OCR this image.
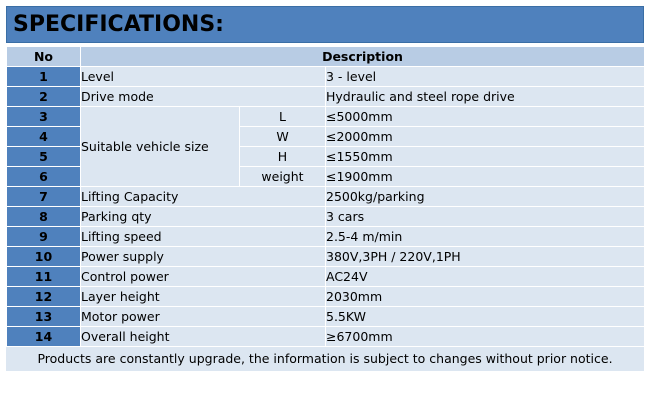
SPECIFICATIONS:
No	Description		
1	Level		3 - level
2	Drive mode		Hydraulic and steel rope drive
3	Suitable vehicle size	L	≤5000mm
4		W	≤2000mm
5		H	≤1550mm
6		weight	≤1900mm
7	Lifting Capacity		2500kg/parking
8	Parking qty		3 cars
9	Lifting speed		2.5-4 m/min
10	Power supply		380V,3PH / 220V,1PH
11	Control power		AC24V
12	Layer height		2030mm
13	Motor power		5.5KW
14	Overall height		≥6700mm
Products are constantly upgrade, the information is subject to changes without prior notice.
